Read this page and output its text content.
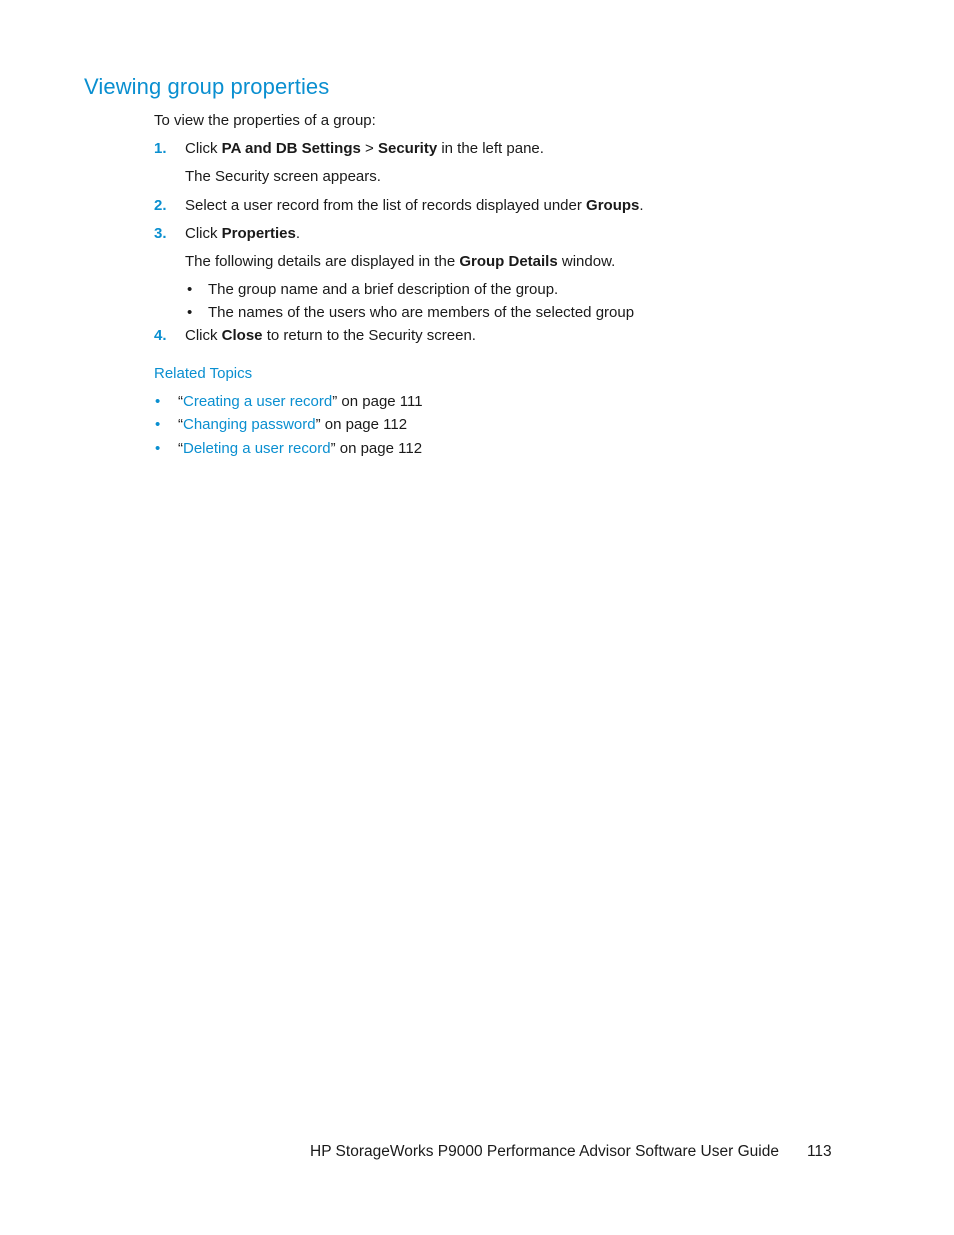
Viewing group properties
To view the properties of a group:
1. Click PA and DB Settings > Security in the left pane.
The Security screen appears.
2. Select a user record from the list of records displayed under Groups.
3. Click Properties.
The following details are displayed in the Group Details window.
• The group name and a brief description of the group.
• The names of the users who are members of the selected group
4. Click Close to return to the Security screen.
Related Topics
• “Creating a user record” on page 111
• “Changing password” on page 112
• “Deleting a user record” on page 112
HP StorageWorks P9000 Performance Advisor Software User Guide 113
